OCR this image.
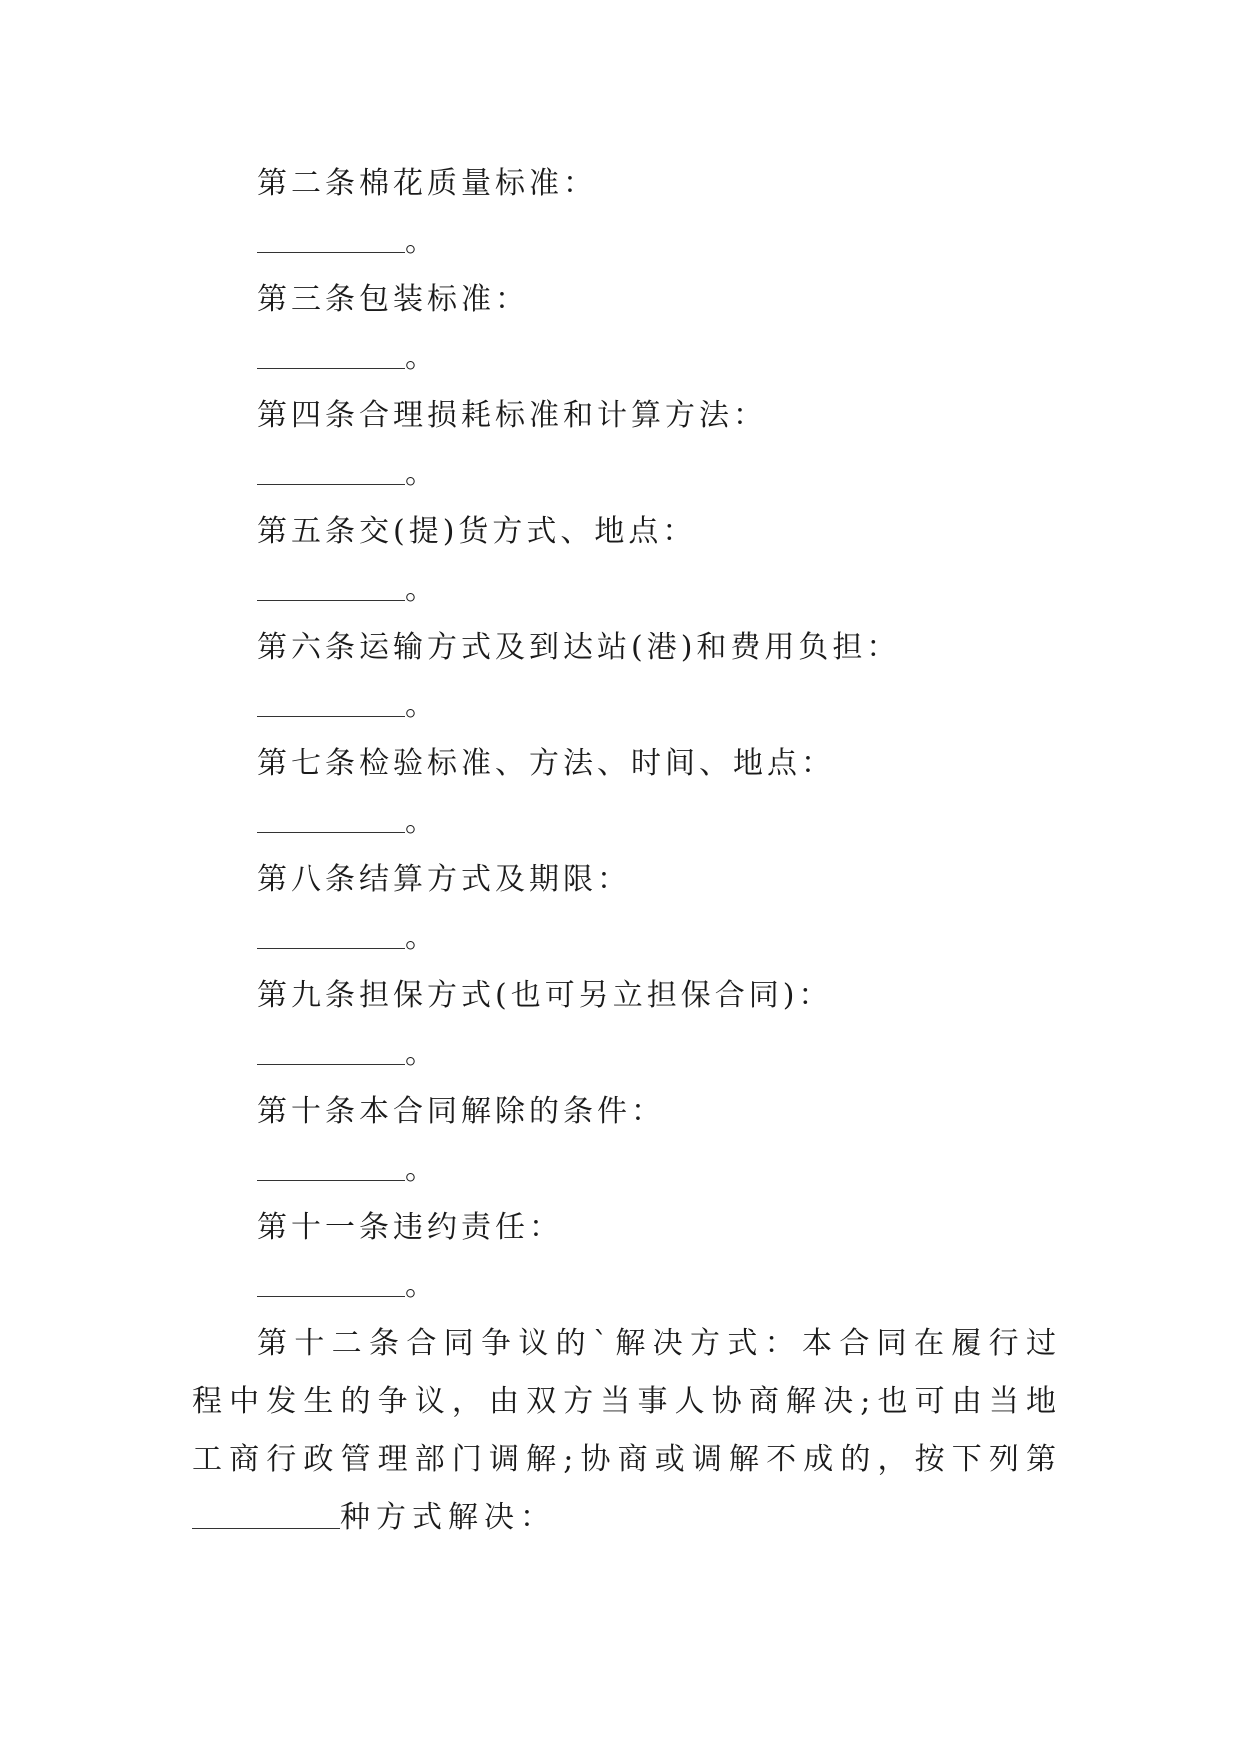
第二条棉花质量标准：

。

第三条包装标准：

。

第四条合理损耗标准和计算方法：

。

第五条交(提)货方式、地点：

。

第六条运输方式及到达站(港)和费用负担：

。

第七条检验标准、方法、时间、地点：

。

第八条结算方式及期限：

。

第九条担保方式(也可另立担保合同)：

。

第十条本合同解除的条件：

。

第十一条违约责任：

。

第十二条合同争议的`解决方式：本合同在履行过程中发生的争议，由双方当事人协商解决;也可由当地工商行政管理部门调解;协商或调解不成的，按下列第种方式解决：
